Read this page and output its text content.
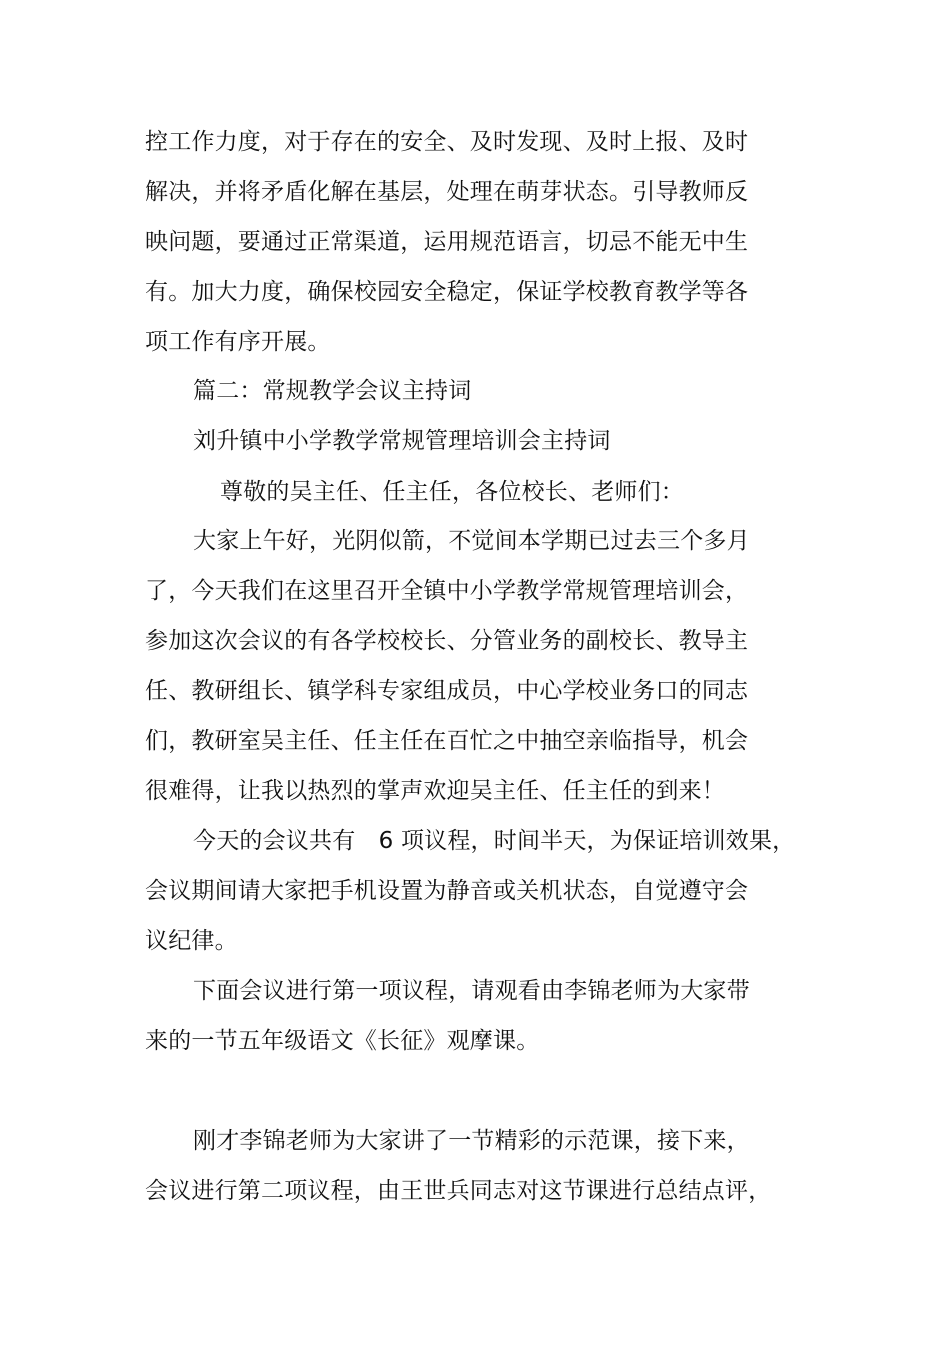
控工作力度，对于存在的安全、及时发现、及时上报、及时
解决，并将矛盾化解在基层，处理在萌芽状态。引导教师反
映问题，要通过正常渠道，运用规范语言，切忌不能无中生
有。加大力度，确保校园安全稳定，保证学校教育教学等各
项工作有序开展。
篇二：常规教学会议主持词
刘升镇中小学教学常规管理培训会主持词
尊敬的吴主任、任主任，各位校长、老师们：
大家上午好，光阴似箭，不觉间本学期已过去三个多月
了，今天我们在这里召开全镇中小学教学常规管理培训会，
参加这次会议的有各学校校长、分管业务的副校长、教导主
任、教研组长、镇学科专家组成员，中心学校业务口的同志
们，教研室吴主任、任主任在百忙之中抽空亲临指导，机会
很难得，让我以热烈的掌声欢迎吴主任、任主任的到来！
今天的会议共有　6 项议程，时间半天，为保证培训效果，
会议期间请大家把手机设置为静音或关机状态，自觉遵守会
议纪律。
下面会议进行第一项议程，请观看由李锦老师为大家带
来的一节五年级语文《长征》观摩课。
刚才李锦老师为大家讲了一节精彩的示范课，接下来，
会议进行第二项议程，由王世兵同志对这节课进行总结点评，
